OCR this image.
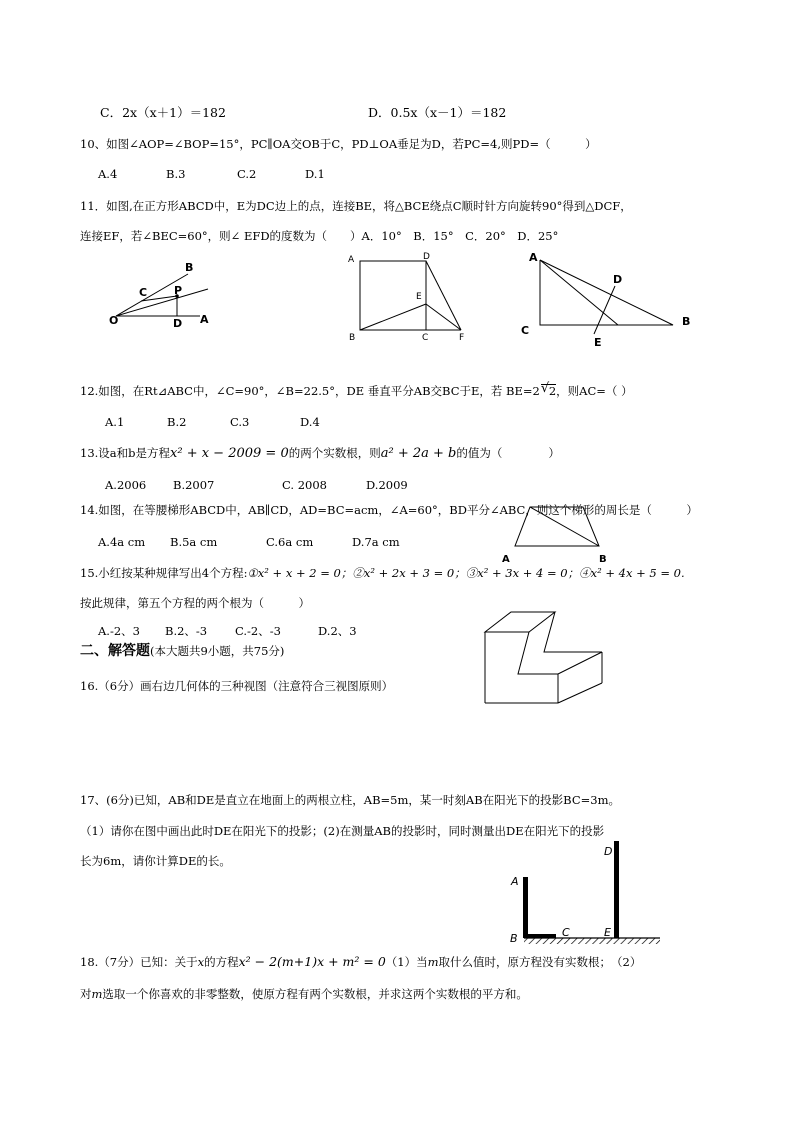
C．2x（x＋1）＝182	D．0.5x（x－1）＝182
10、如图∠AOP=∠BOP=15°，PC∥OA交OB于C，PD⊥OA垂足为D，若PC=4,则PD=（　　　）
A.4	B.3	C.2	D.1
11．如图,在正方形ABCD中，E为DC边上的点，连接BE，将△BCE绕点C顺时针方向旋转90°得到△DCF，
连接EF，若∠BEC=60°，则∠ EFD的度数为（　　）A．10°　B．15°　C．20°　D．25°
B
C P
O	D A
A	D
E
B	C	F
A
D
C
E
B
12.如图，在Rt⊿ABC中，∠C=90°，∠B=22.5°，DE 垂直平分AB交BC于E，若 BE=2 √ 2，则AC=（ ）
A.1	B.2	C.3	D.4
13.设a和b是方程x² + x − 2009 = 0的两个实数根，则a² + 2a + b的值为（　　　　）
A.2006 B.2007	C. 2008	D.2009
A	B
14.如图，在等腰梯形ABCD中，AB∥CD，AD=BC=acm，∠A=60°，BD平分∠ABC，则这个梯形的周长是（　　　）
A.4a cm B.5a cm	C.6a cm	D.7a cm
15.小红按某种规律写出4个方程:①x² + x + 2 = 0；②x² + 2x + 3 = 0；③x² + 3x + 4 = 0；④x² + 4x + 5 = 0.
按此规律，第五个方程的两个根为（　　　）
A.-2、3 B.2、-3 C.-2、-3	D.2、3
二、解答题(本大题共9小题，共75分)
16.（6分）画右边几何体的三种视图（注意符合三视图原则）
17、(6分)已知，AB和DE是直立在地面上的两根立柱，AB=5m，某一时刻AB在阳光下的投影BC=3m。
（1）请你在图中画出此时DE在阳光下的投影；(2)在测量AB的投影时，同时测量出DE在阳光下的投影
长为6m，请你计算DE的长。
D
A
B	C	E
18.（7分）已知：关于x的方程x² − 2(m+1)x + m² = 0（1）当m取什么值时，原方程没有实数根；　（2）
对m选取一个你喜欢的非零整数，使原方程有两个实数根，并求这两个实数根的平方和。
